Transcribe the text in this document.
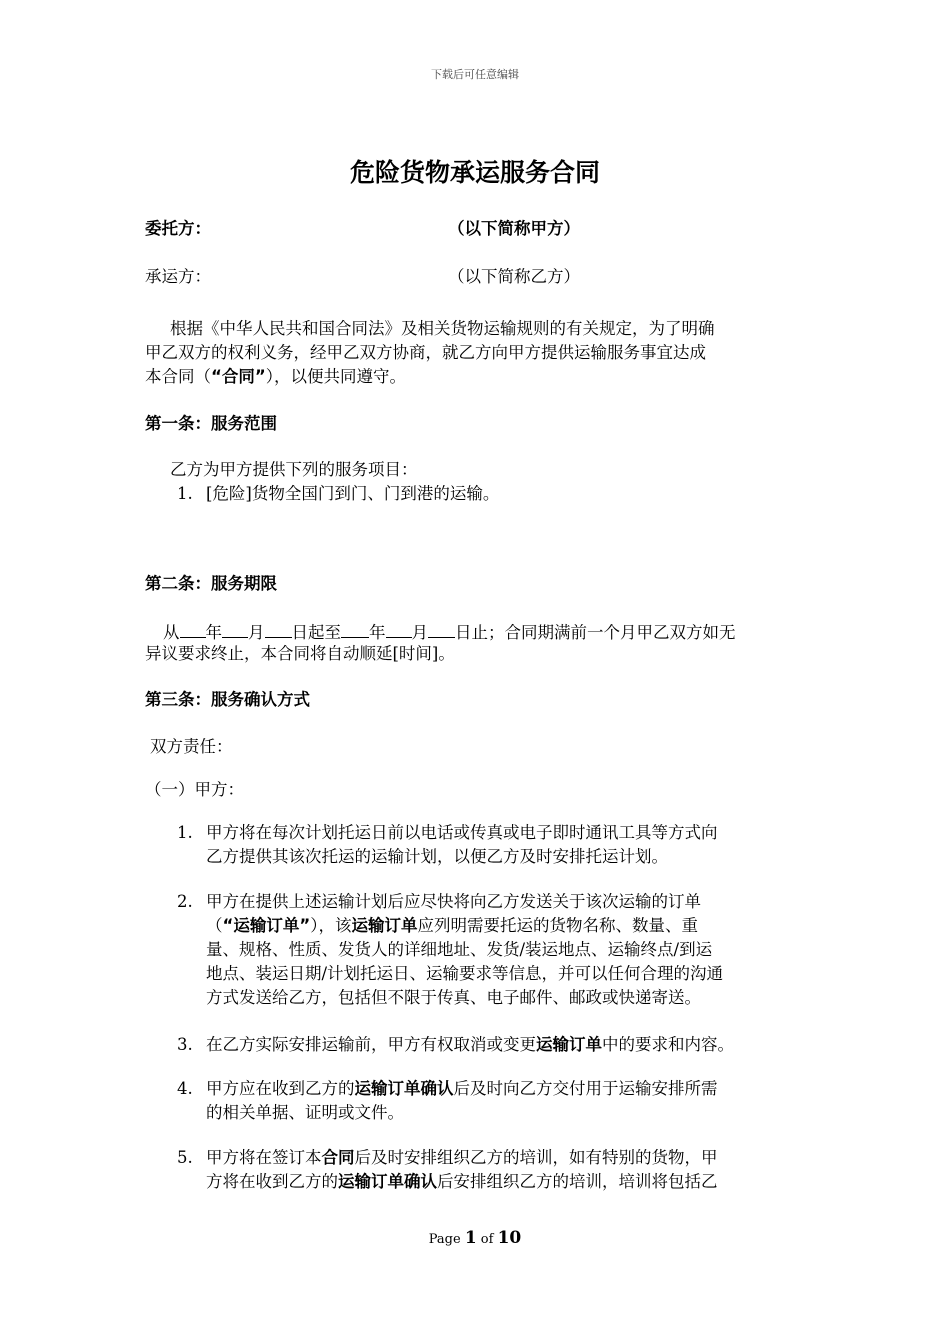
下载后可任意编辑
危险货物承运服务合同
委托方：	（以下简称甲方）
承运方：	（以下简称乙方）
根据《中华人民共和国合同法》及相关货物运输规则的有关规定，为了明确
甲乙双方的权利义务，经甲乙双方协商，就乙方向甲方提供运输服务事宜达成
本合同（“合同”），以便共同遵守。
第一条：服务范围
乙方为甲方提供下列的服务项目：
1. [危险]货物全国门到门、门到港的运输。
第二条：服务期限
从 年 月 日起至 年 月 日止；合同期满前一个月甲乙双方如无
异议要求终止，本合同将自动顺延[时间]。
第三条：服务确认方式
双方责任：
（一）甲方：
1. 甲方将在每次计划托运日前以电话或传真或电子即时通讯工具等方式向
乙方提供其该次托运的运输计划，以便乙方及时安排托运计划。
2. 甲方在提供上述运输计划后应尽快将向乙方发送关于该次运输的订单
（“运输订单”），该运输订单应列明需要托运的货物名称、数量、重
量、规格、性质、发货人的详细地址、发货/装运地点、运输终点/到运
地点、装运日期/计划托运日、运输要求等信息，并可以任何合理的沟通
方式发送给乙方，包括但不限于传真、电子邮件、邮政或快递寄送。
3. 在乙方实际安排运输前，甲方有权取消或变更运输订单中的要求和内容。
4. 甲方应在收到乙方的运输订单确认后及时向乙方交付用于运输安排所需
的相关单据、证明或文件。
5. 甲方将在签订本合同后及时安排组织乙方的培训，如有特别的货物，甲
方将在收到乙方的运输订单确认后安排组织乙方的培训，培训将包括乙
Page 1 of 10
